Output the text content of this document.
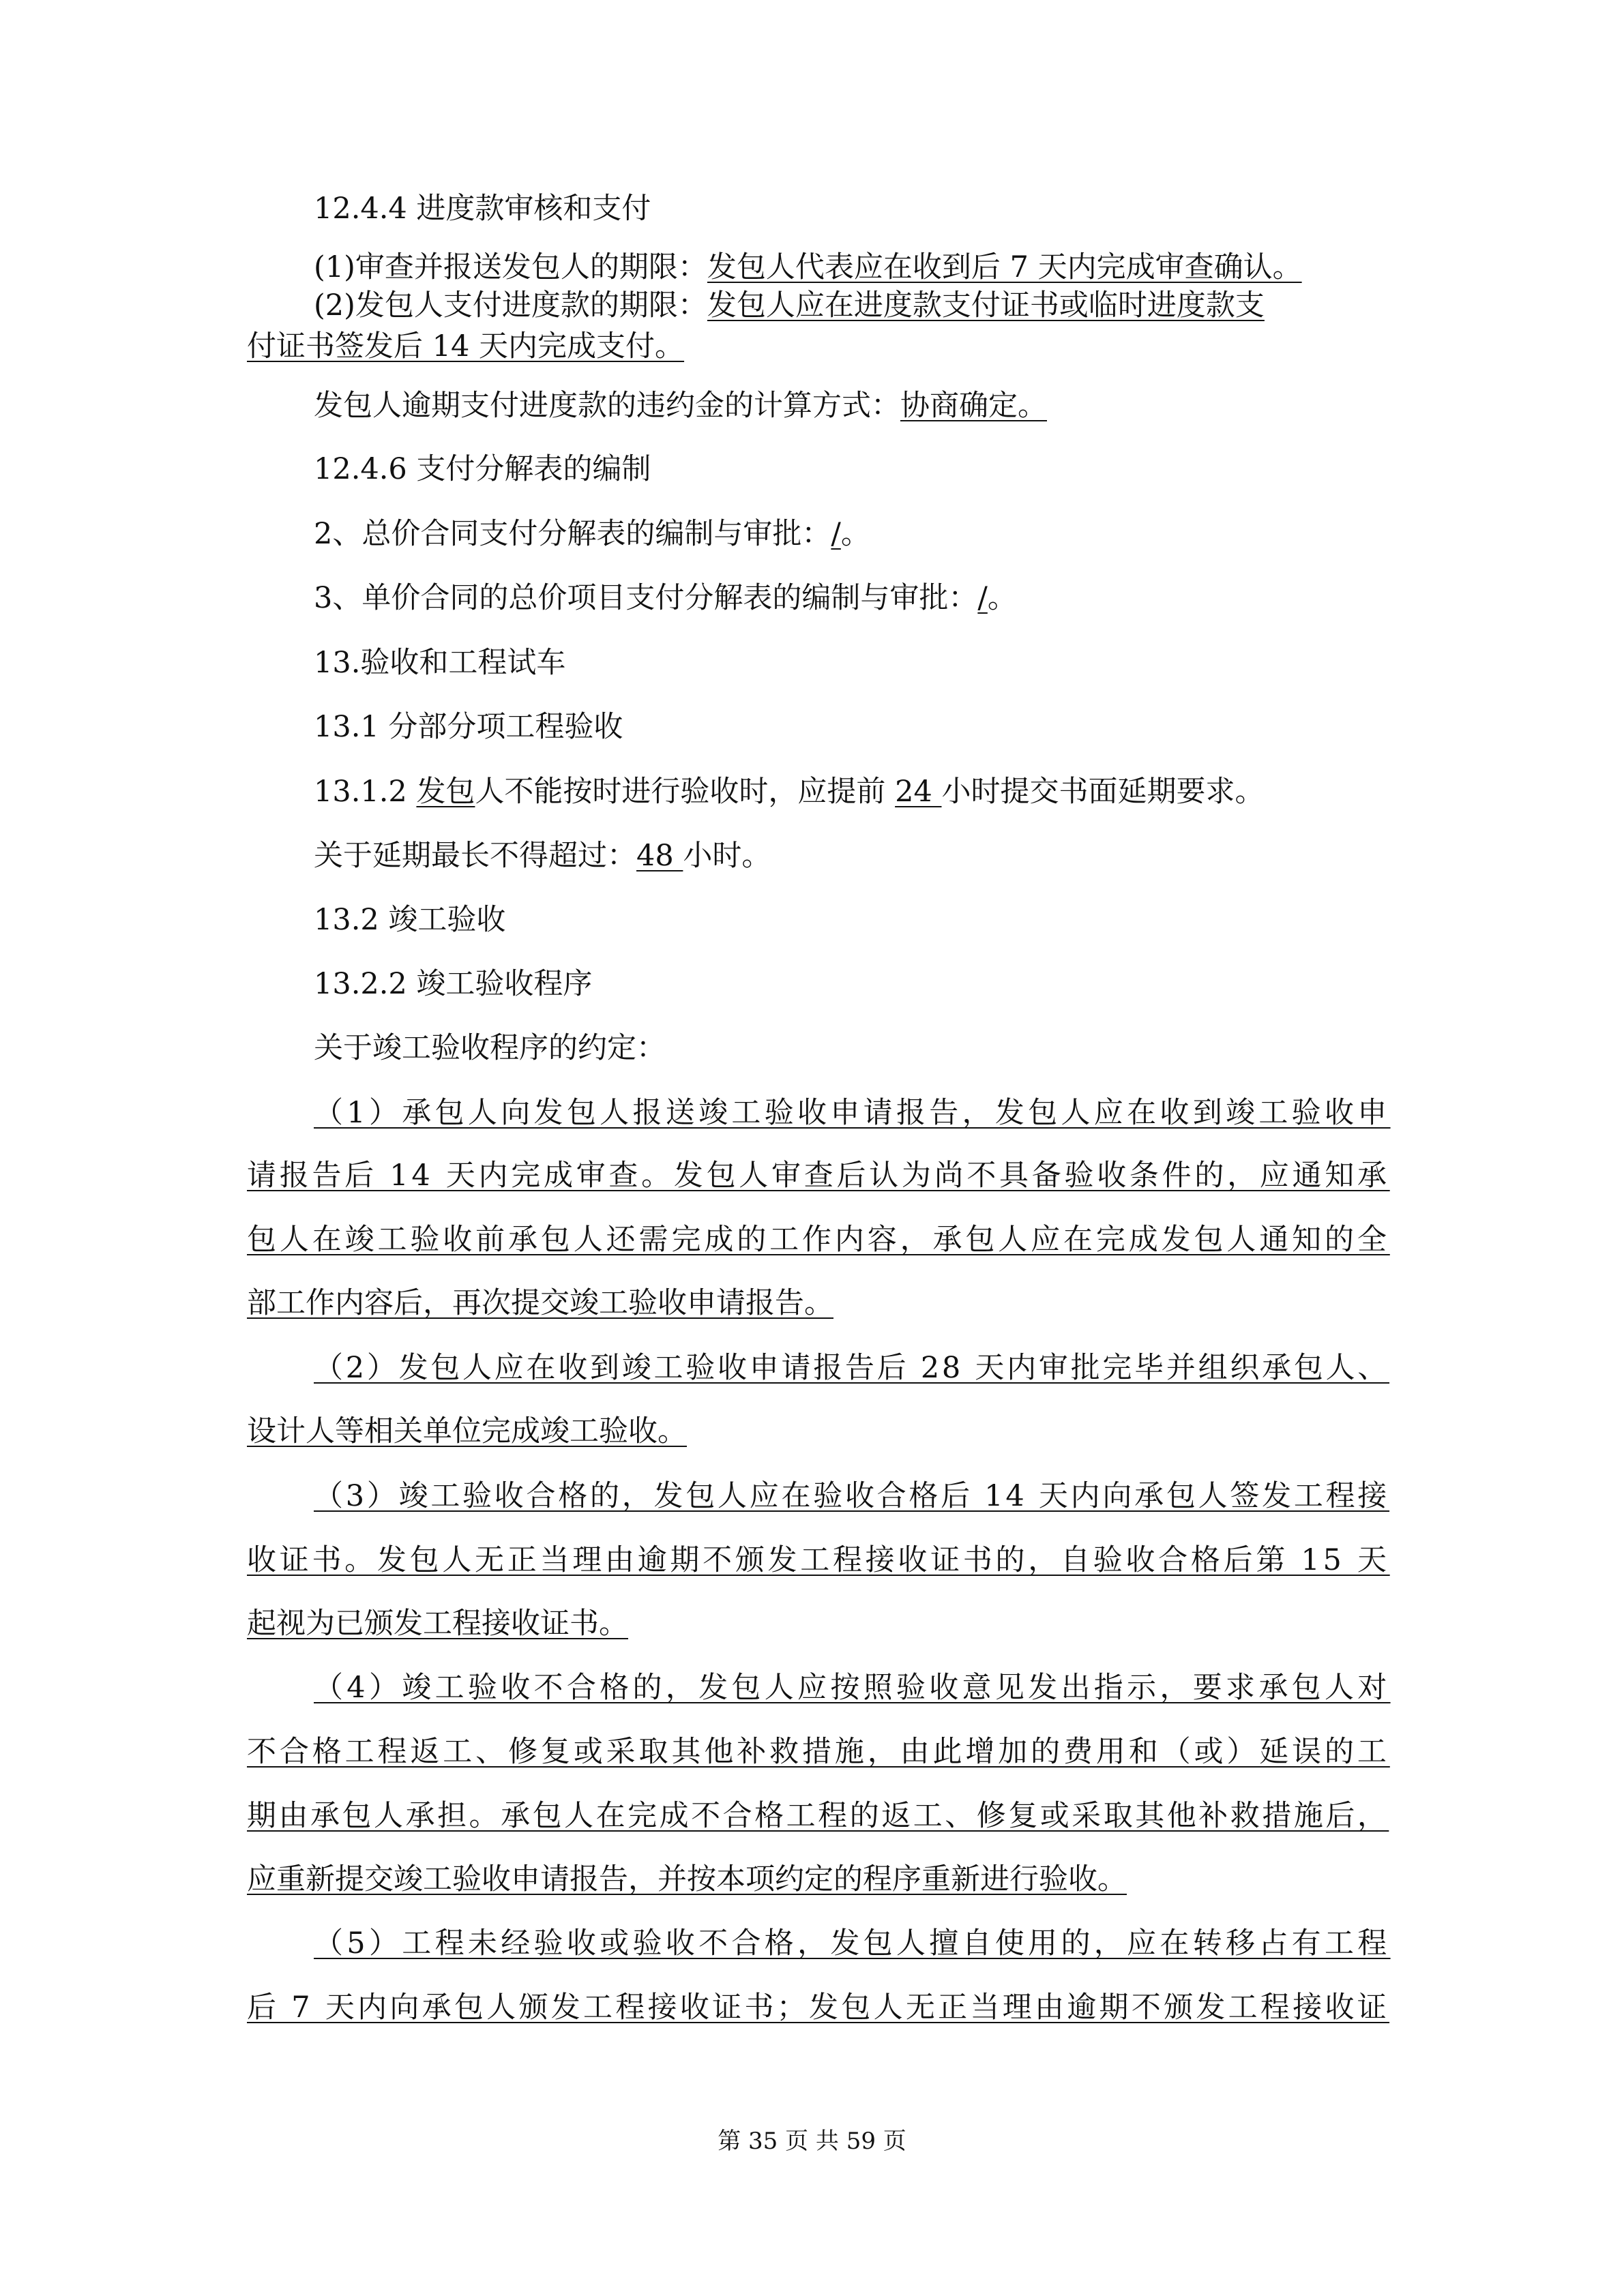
12.4.4 进度款审核和支付
(1)审查并报送发包人的期限：发包人代表应在收到后 7 天内完成审查确认。
(2)发包人支付进度款的期限：发包人应在进度款支付证书或临时进度款支
付证书签发后 14 天内完成支付。
发包人逾期支付进度款的违约金的计算方式：协商确定。
12.4.6 支付分解表的编制
2、总价合同支付分解表的编制与审批：/。
3、单价合同的总价项目支付分解表的编制与审批：/。
13.验收和工程试车
13.1 分部分项工程验收
13.1.2 发包人不能按时进行验收时，应提前 24 小时提交书面延期要求。
关于延期最长不得超过：48 小时。
13.2 竣工验收
13.2.2 竣工验收程序
关于竣工验收程序的约定：
（1）承包人向发包人报送竣工验收申请报告，发包人应在收到竣工验收申
请报告后 14 天内完成审查。发包人审查后认为尚不具备验收条件的，应通知承
包人在竣工验收前承包人还需完成的工作内容，承包人应在完成发包人通知的全
部工作内容后，再次提交竣工验收申请报告。
（2）发包人应在收到竣工验收申请报告后 28 天内审批完毕并组织承包人、
设计人等相关单位完成竣工验收。
（3）竣工验收合格的，发包人应在验收合格后 14 天内向承包人签发工程接
收证书。发包人无正当理由逾期不颁发工程接收证书的，自验收合格后第 15 天
起视为已颁发工程接收证书。
（4）竣工验收不合格的，发包人应按照验收意见发出指示，要求承包人对
不合格工程返工、修复或采取其他补救措施，由此增加的费用和（或）延误的工
期由承包人承担。承包人在完成不合格工程的返工、修复或采取其他补救措施后，
应重新提交竣工验收申请报告，并按本项约定的程序重新进行验收。
（5）工程未经验收或验收不合格，发包人擅自使用的，应在转移占有工程
后 7 天内向承包人颁发工程接收证书；发包人无正当理由逾期不颁发工程接收证
第 35 页 共 59 页
